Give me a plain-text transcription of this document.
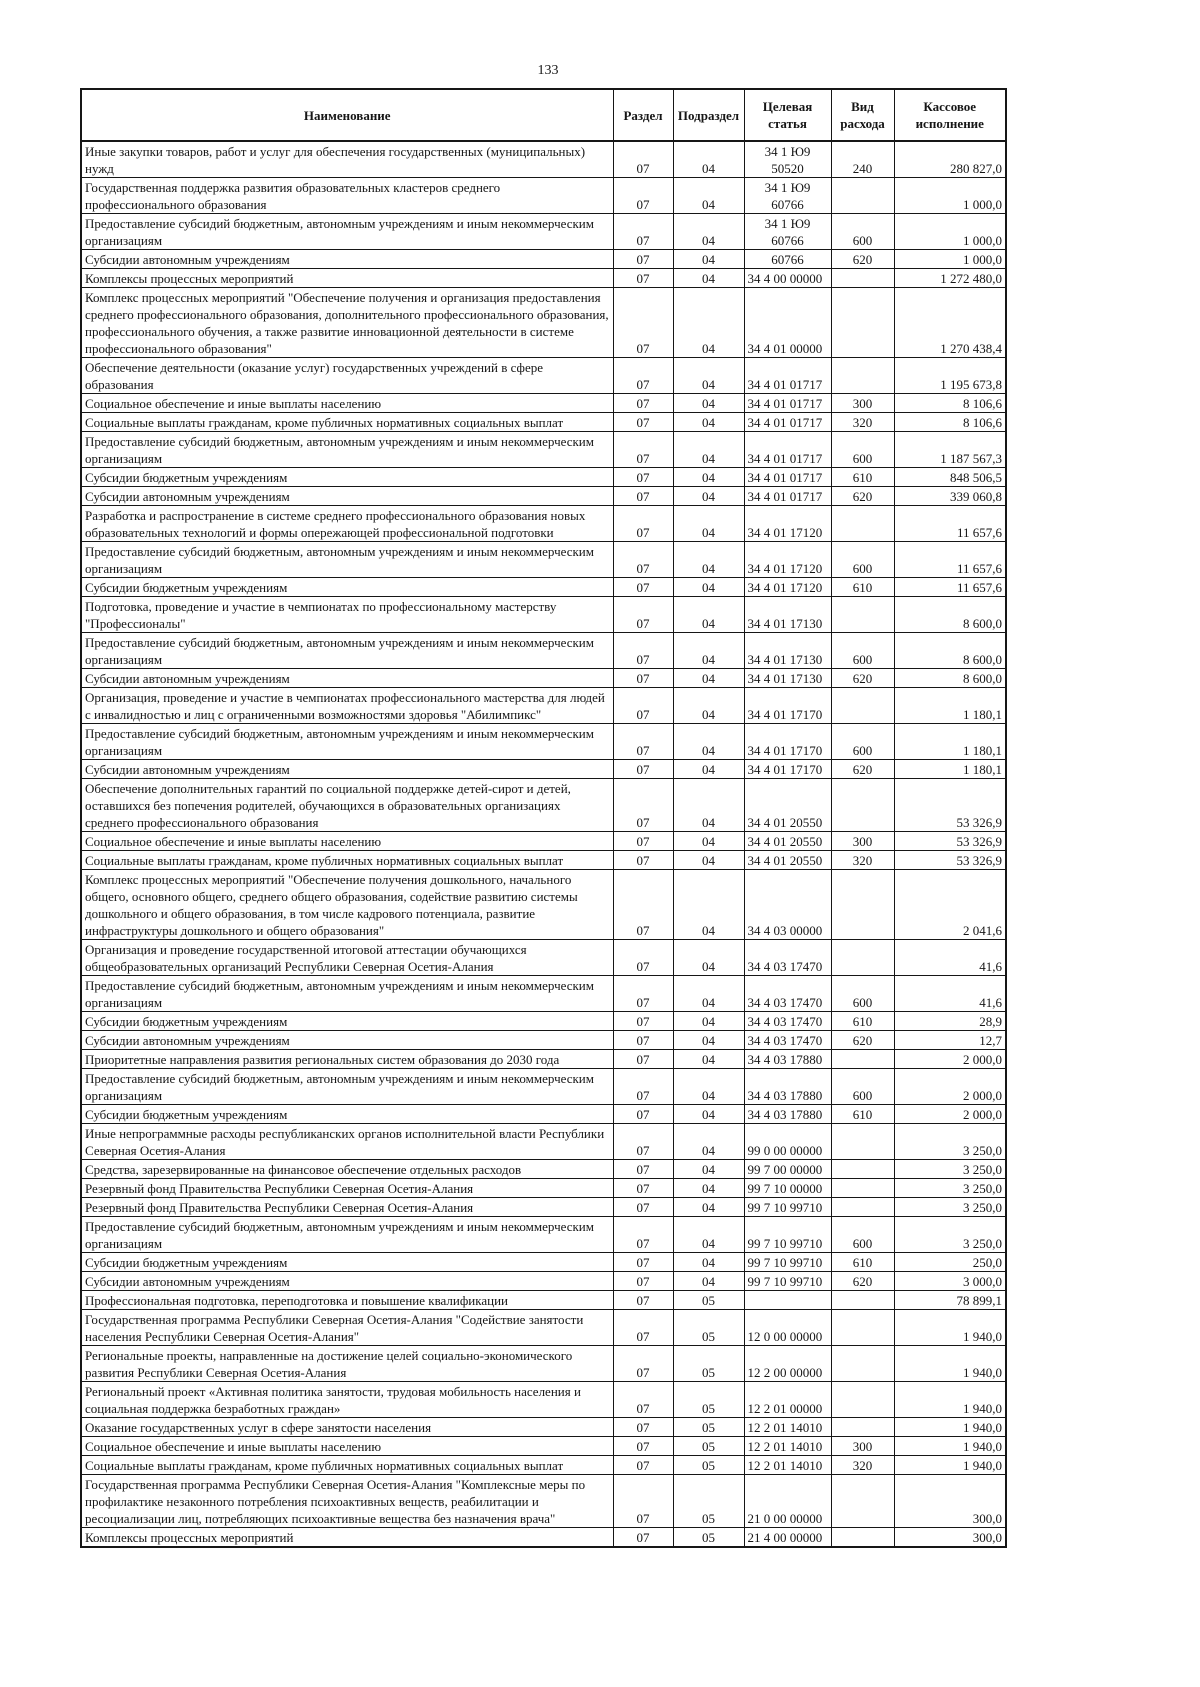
133
Наименование	Раздел	Подраздел	Целевая статья	Вид расхода	Кассовое исполнение
Иные закупки товаров, работ и услуг для обеспечения государственных (муниципальных) нужд	07	04	34 1 Ю9 50520	240	280 827,0
Государственная поддержка развития образовательных кластеров среднего профессионального образования	07	04	34 1 Ю9 60766		1 000,0
Предоставление субсидий бюджетным, автономным учреждениям и иным некоммерческим организациям	07	04	34 1 Ю9 60766	600	1 000,0
Субсидии автономным учреждениям	07	04	60766	620	1 000,0
Комплексы процессных мероприятий	07	04	34 4 00 00000		1 272 480,0
Комплекс процессных мероприятий "Обеспечение получения и организация предоставления среднего профессионального образования, дополнительного профессионального образования, профессионального обучения, а также развитие инновационной деятельности в системе профессионального образования"	07	04	34 4 01 00000		1 270 438,4
Обеспечение деятельности (оказание услуг) государственных учреждений в сфере образования	07	04	34 4 01 01717		1 195 673,8
Социальное обеспечение и иные выплаты населению	07	04	34 4 01 01717	300	8 106,6
Социальные выплаты гражданам, кроме публичных нормативных социальных выплат	07	04	34 4 01 01717	320	8 106,6
Предоставление субсидий бюджетным, автономным учреждениям и иным некоммерческим организациям	07	04	34 4 01 01717	600	1 187 567,3
Субсидии бюджетным учреждениям	07	04	34 4 01 01717	610	848 506,5
Субсидии автономным учреждениям	07	04	34 4 01 01717	620	339 060,8
Разработка и распространение в системе среднего профессионального образования новых образовательных технологий и формы опережающей профессиональной подготовки	07	04	34 4 01 17120		11 657,6
Предоставление субсидий бюджетным, автономным учреждениям и иным некоммерческим организациям	07	04	34 4 01 17120	600	11 657,6
Субсидии бюджетным учреждениям	07	04	34 4 01 17120	610	11 657,6
Подготовка, проведение и участие в чемпионатах по профессиональному мастерству "Профессионалы"	07	04	34 4 01 17130		8 600,0
Предоставление субсидий бюджетным, автономным учреждениям и иным некоммерческим организациям	07	04	34 4 01 17130	600	8 600,0
Субсидии автономным учреждениям	07	04	34 4 01 17130	620	8 600,0
Организация, проведение и участие в чемпионатах профессионального мастерства для людей с инвалидностью и лиц с ограниченными возможностями здоровья "Абилимпикс"	07	04	34 4 01 17170		1 180,1
Предоставление субсидий бюджетным, автономным учреждениям и иным некоммерческим организациям	07	04	34 4 01 17170	600	1 180,1
Субсидии автономным учреждениям	07	04	34 4 01 17170	620	1 180,1
Обеспечение дополнительных гарантий по социальной поддержке детей-сирот и детей, оставшихся без попечения родителей, обучающихся в образовательных организациях среднего профессионального образования	07	04	34 4 01 20550		53 326,9
Социальное обеспечение и иные выплаты населению	07	04	34 4 01 20550	300	53 326,9
Социальные выплаты гражданам, кроме публичных нормативных социальных выплат	07	04	34 4 01 20550	320	53 326,9
Комплекс процессных мероприятий "Обеспечение получения дошкольного, начального общего, основного общего, среднего общего образования, содействие развитию системы дошкольного и общего образования, в том числе кадрового потенциала, развитие инфраструктуры дошкольного и общего образования"	07	04	34 4 03 00000		2 041,6
Организация и проведение государственной итоговой аттестации обучающихся общеобразовательных организаций Республики Северная Осетия-Алания	07	04	34 4 03 17470		41,6
Предоставление субсидий бюджетным, автономным учреждениям и иным некоммерческим организациям	07	04	34 4 03 17470	600	41,6
Субсидии бюджетным учреждениям	07	04	34 4 03 17470	610	28,9
Субсидии автономным учреждениям	07	04	34 4 03 17470	620	12,7
Приоритетные направления развития региональных систем образования до 2030 года	07	04	34 4 03 17880		2 000,0
Предоставление субсидий бюджетным, автономным учреждениям и иным некоммерческим организациям	07	04	34 4 03 17880	600	2 000,0
Субсидии бюджетным учреждениям	07	04	34 4 03 17880	610	2 000,0
Иные непрограммные расходы республиканских органов исполнительной власти Республики Северная Осетия-Алания	07	04	99 0 00 00000		3 250,0
Средства, зарезервированные на финансовое обеспечение отдельных расходов	07	04	99 7 00 00000		3 250,0
Резервный фонд Правительства Республики Северная Осетия-Алания	07	04	99 7 10 00000		3 250,0
Резервный фонд Правительства Республики Северная Осетия-Алания	07	04	99 7 10 99710		3 250,0
Предоставление субсидий бюджетным, автономным учреждениям и иным некоммерческим организациям	07	04	99 7 10 99710	600	3 250,0
Субсидии бюджетным учреждениям	07	04	99 7 10 99710	610	250,0
Субсидии автономным учреждениям	07	04	99 7 10 99710	620	3 000,0
Профессиональная подготовка, переподготовка и повышение квалификации	07	05			78 899,1
Государственная программа Республики Северная Осетия-Алания "Содействие занятости населения Республики Северная Осетия-Алания"	07	05	12 0 00 00000		1 940,0
Региональные проекты, направленные на достижение целей социально-экономического развития Республики Северная Осетия-Алания	07	05	12 2 00 00000		1 940,0
Региональный проект «Активная политика занятости, трудовая мобильность населения и социальная поддержка безработных граждан»	07	05	12 2 01 00000		1 940,0
Оказание государственных услуг в сфере занятости населения	07	05	12 2 01 14010		1 940,0
Социальное обеспечение и иные выплаты населению	07	05	12 2 01 14010	300	1 940,0
Социальные выплаты гражданам, кроме публичных нормативных социальных выплат	07	05	12 2 01 14010	320	1 940,0
Государственная программа Республики Северная Осетия-Алания "Комплексные меры по профилактике незаконного потребления психоактивных веществ, реабилитации и ресоциализации лиц, потребляющих психоактивные вещества без назначения врача"	07	05	21 0 00 00000		300,0
Комплексы процессных мероприятий	07	05	21 4 00 00000		300,0
